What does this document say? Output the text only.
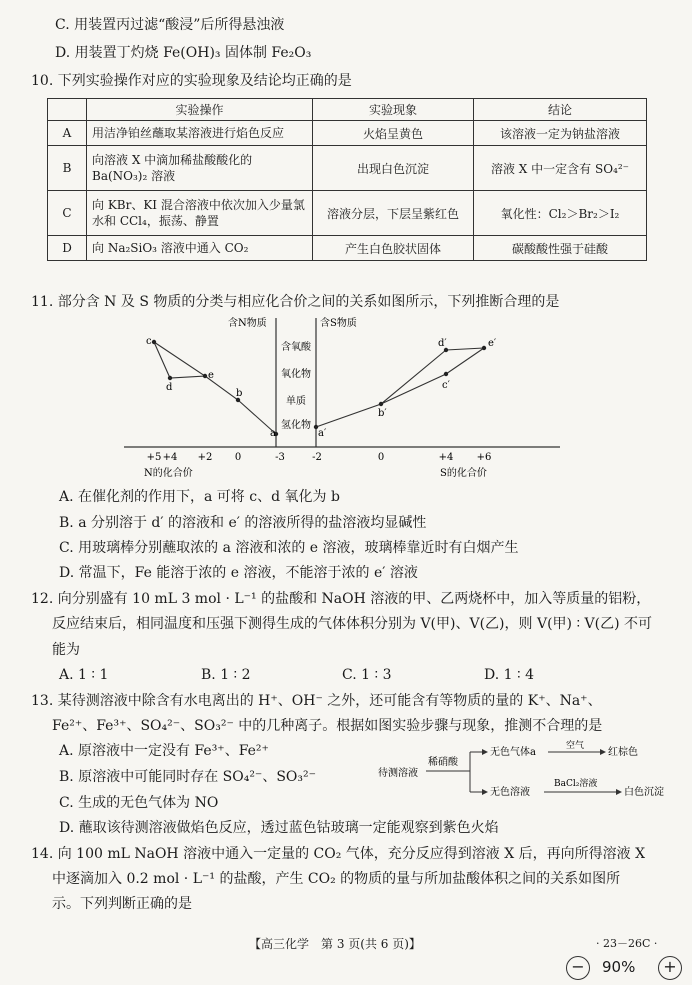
C. 用装置丙过滤“酸浸”后所得悬浊液
D. 用装置丁灼烧 Fe(OH)₃ 固体制 Fe₂O₃
10. 下列实验操作对应的实验现象及结论均正确的是
	实验操作	实验现象	结论
A	用洁净铂丝蘸取某溶液进行焰色反应	火焰呈黄色	该溶液一定为钠盐溶液
B	向溶液 X 中滴加稀盐酸酸化的 Ba(NO₃)₂ 溶液	出现白色沉淀	溶液 X 中一定含有 SO₄²⁻
C	向 KBr、KI 混合溶液中依次加入少量氯水和 CCl₄，振荡、静置	溶液分层，下层呈紫红色	氧化性：Cl₂＞Br₂＞I₂
D	向 Na₂SiO₃ 溶液中通入 CO₂	产生白色胶状固体	碳酸酸性强于硅酸
11. 部分含 N 及 S 物质的分类与相应化合价之间的关系如图所示，下列推断合理的是
含N物质	含S物质
含氧酸
氧化物
单质
氢化物
+5 +4 +2 0	-3	-2	0	+4 +6
N的化合价	S的化合价
c
d
e
b
a	a′
b′
c′
d′	e′
A. 在催化剂的作用下，a 可将 c、d 氧化为 b
B. a 分别溶于 d′ 的溶液和 e′ 的溶液所得的盐溶液均显碱性
C. 用玻璃棒分别蘸取浓的 a 溶液和浓的 e 溶液，玻璃棒靠近时有白烟产生
D. 常温下，Fe 能溶于浓的 e 溶液，不能溶于浓的 e′ 溶液
12. 向分别盛有 10 mL 3 mol · L⁻¹ 的盐酸和 NaOH 溶液的甲、乙两烧杯中，加入等质量的铝粉，
反应结束后，相同温度和压强下测得生成的气体体积分别为 V(甲)、V(乙)，则 V(甲) ∶ V(乙) 不可
能为
A. 1 ∶ 1	B. 1 ∶ 2	C. 1 ∶ 3	D. 1 ∶ 4
13. 某待测溶液中除含有水电离出的 H⁺、OH⁻ 之外，还可能含有等物质的量的 K⁺、Na⁺、
Fe²⁺、Fe³⁺、SO₄²⁻、SO₃²⁻ 中的几种离子。根据如图实验步骤与现象，推测不合理的是
A. 原溶液中一定没有 Fe³⁺、Fe²⁺
B. 原溶液中可能同时存在 SO₄²⁻、SO₃²⁻
C. 生成的无色气体为 NO
D. 蘸取该待测溶液做焰色反应，透过蓝色钴玻璃一定能观察到紫色火焰
待测溶液
稀硝酸
无色气体a
空气
红棕色
无色溶液
BaCl₂溶液
白色沉淀
14. 向 100 mL NaOH 溶液中通入一定量的 CO₂ 气体，充分反应得到溶液 X 后，再向所得溶液 X
中逐滴加入 0.2 mol · L⁻¹ 的盐酸，产生 CO₂ 的物质的量与所加盐酸体积之间的关系如图所
示。下列判断正确的是
【高三化学　第 3 页(共 6 页)】	· 23－26C ·
−	90%	+
